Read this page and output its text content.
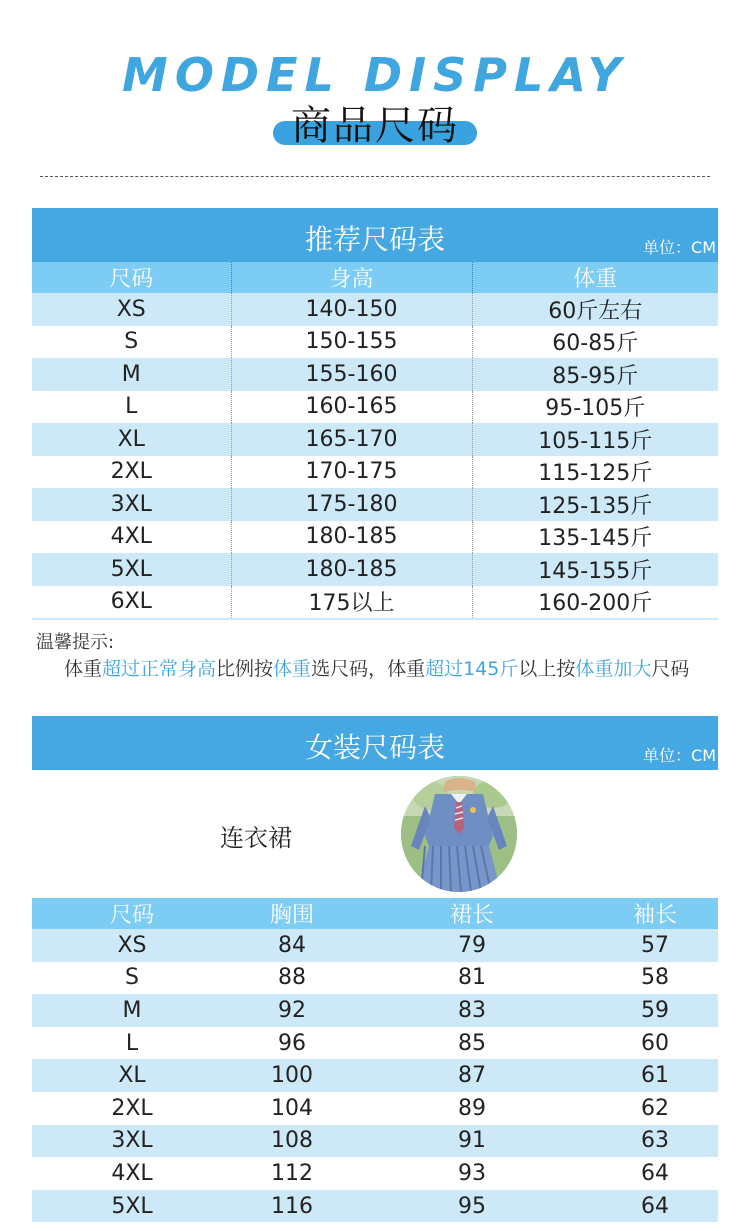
MODEL DISPLAY
商品尺码
推荐尺码表	单位：CM
尺码	身高	体重
XS	140-150	60斤左右
S	150-155	60-85斤
M	155-160	85-95斤
L	160-165	95-105斤
XL	165-170	105-115斤
2XL	170-175	115-125斤
3XL	175-180	125-135斤
4XL	180-185	135-145斤
5XL	180-185	145-155斤
6XL	175以上	160-200斤
温馨提示:
体重超过正常身高比例按体重选尺码，体重超过145斤以上按体重加大尺码
女装尺码表	单位：CM
连衣裙
尺码	胸围	裙长	袖长
XS	84	79	57
S	88	81	58
M	92	83	59
L	96	85	60
XL	100	87	61
2XL	104	89	62
3XL	108	91	63
4XL	112	93	64
5XL	116	95	64
